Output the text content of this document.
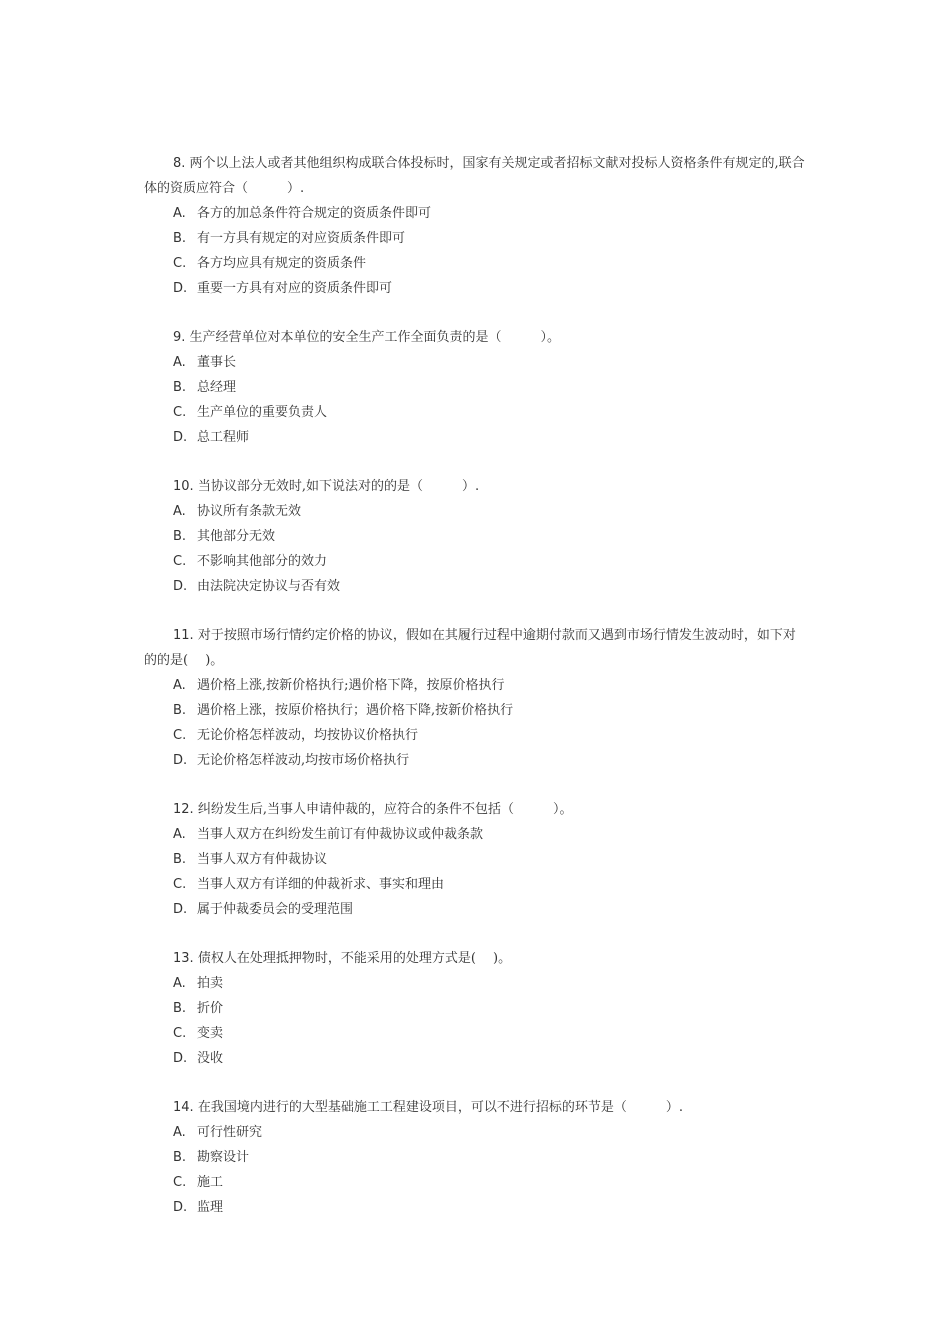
8. 两个以上法人或者其他组织构成联合体投标时，国家有关规定或者招标文献对投标人资格条件有规定的,联合体的资质应符合（　　　）.

A. 各方的加总条件符合规定的资质条件即可
B. 有一方具有规定的对应资质条件即可
C. 各方均应具有规定的资质条件
D. 重要一方具有对应的资质条件即可

9. 生产经营单位对本单位的安全生产工作全面负责的是（　　　）。

A. 董事长
B. 总经理
C. 生产单位的重要负责人
D. 总工程师

10. 当协议部分无效时,如下说法对的的是（　　　）.

A. 协议所有条款无效
B. 其他部分无效
C. 不影响其他部分的效力
D. 由法院决定协议与否有效

11. 对于按照市场行情约定价格的协议，假如在其履行过程中逾期付款而又遇到市场行情发生波动时，如下对的的是(　 )。

A. 遇价格上涨,按新价格执行;遇价格下降，按原价格执行
B. 遇价格上涨，按原价格执行；遇价格下降,按新价格执行
C. 无论价格怎样波动，均按协议价格执行
D. 无论价格怎样波动,均按市场价格执行

12. 纠纷发生后,当事人申请仲裁的，应符合的条件不包括（　　　）。

A. 当事人双方在纠纷发生前订有仲裁协议或仲裁条款
B. 当事人双方有仲裁协议
C. 当事人双方有详细的仲裁祈求、事实和理由
D. 属于仲裁委员会的受理范围

13. 债权人在处理抵押物时，不能采用的处理方式是(　 )。

A. 拍卖
B. 折价
C. 变卖
D. 没收

14. 在我国境内进行的大型基础施工工程建设项目，可以不进行招标的环节是（　　　）.

A. 可行性研究
B. 勘察设计
C. 施工
D. 监理
